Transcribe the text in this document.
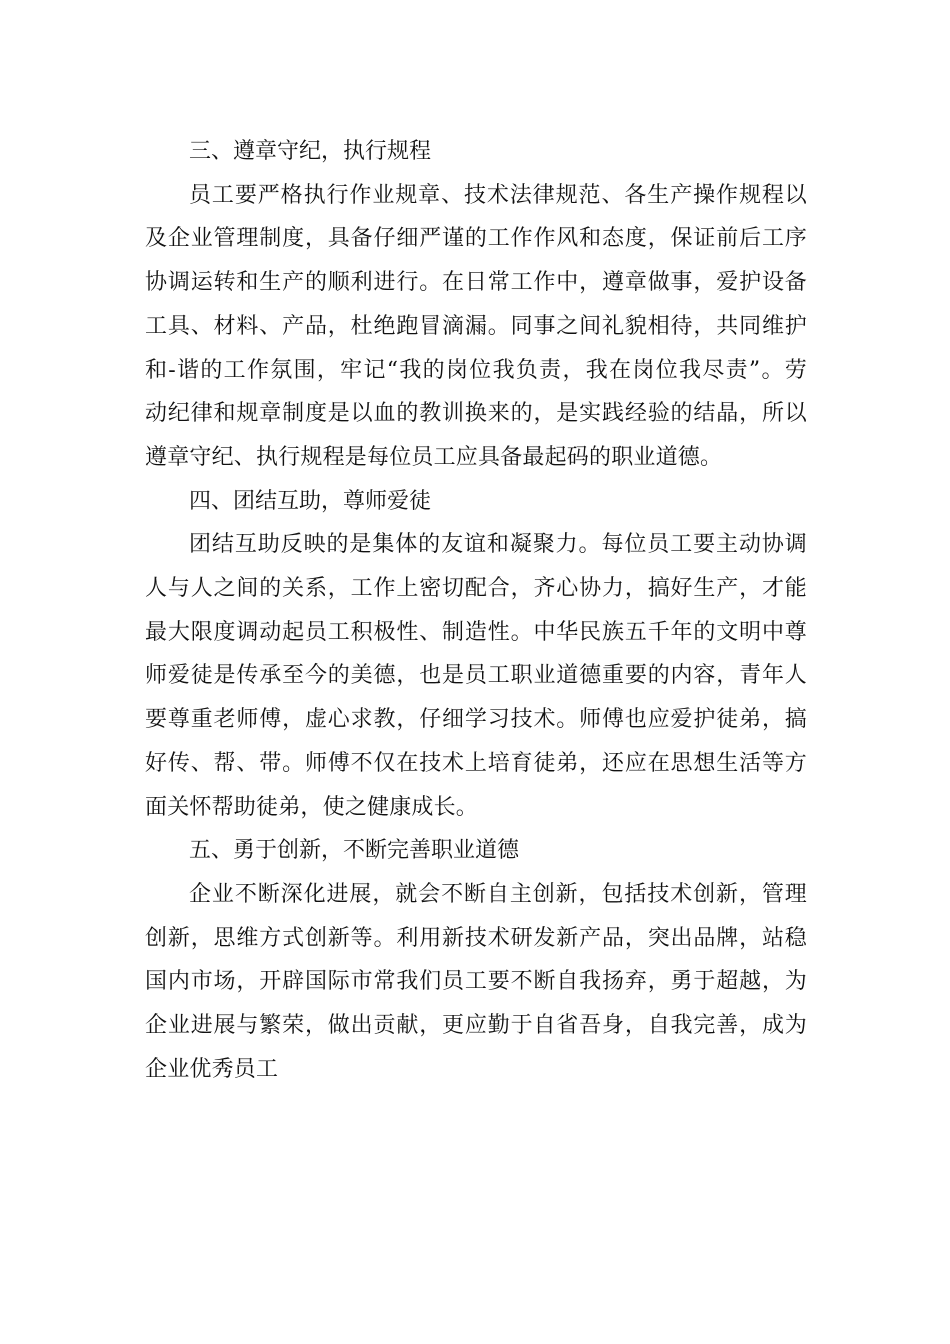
三、遵章守纪，执行规程

员工要严格执行作业规章、技术法律规范、各生产操作规程以
及企业管理制度，具备仔细严谨的工作作风和态度，保证前后工序
协调运转和生产的顺利进行。在日常工作中，遵章做事，爱护设备
工具、材料、产品，杜绝跑冒滴漏。同事之间礼貌相待，共同维护
和-谐的工作氛围，牢记“我的岗位我负责，我在岗位我尽责”。劳
动纪律和规章制度是以血的教训换来的，是实践经验的结晶，所以
遵章守纪、执行规程是每位员工应具备最起码的职业道德。

四、团结互助，尊师爱徒

团结互助反映的是集体的友谊和凝聚力。每位员工要主动协调
人与人之间的关系，工作上密切配合，齐心协力，搞好生产，才能
最大限度调动起员工积极性、制造性。中华民族五千年的文明中尊
师爱徒是传承至今的美德，也是员工职业道德重要的内容，青年人
要尊重老师傅，虚心求教，仔细学习技术。师傅也应爱护徒弟，搞
好传、帮、带。师傅不仅在技术上培育徒弟，还应在思想生活等方
面关怀帮助徒弟，使之健康成长。

五、勇于创新，不断完善职业道德

企业不断深化进展，就会不断自主创新，包括技术创新，管理
创新，思维方式创新等。利用新技术研发新产品，突出品牌，站稳
国内市场，开辟国际市常我们员工要不断自我扬弃，勇于超越，为
企业进展与繁荣，做出贡献，更应勤于自省吾身，自我完善，成为
企业优秀员工
